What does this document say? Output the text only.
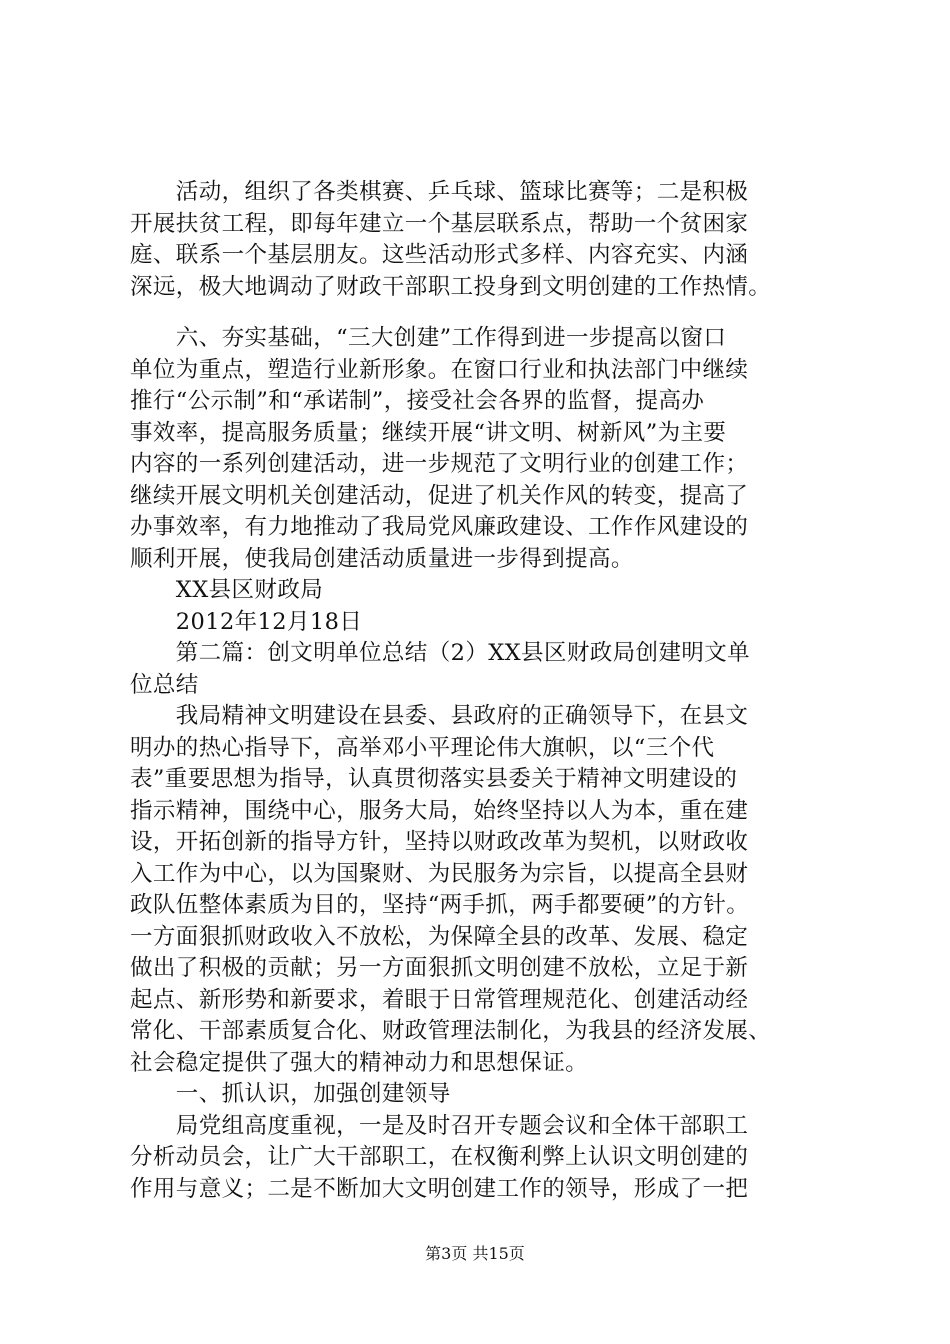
　　活动，组织了各类棋赛、乒乓球、篮球比赛等；二是积极
开展扶贫工程，即每年建立一个基层联系点，帮助一个贫困家
庭、联系一个基层朋友。这些活动形式多样、内容充实、内涵
深远，极大地调动了财政干部职工投身到文明创建的工作热情。
　　六、夯实基础，“三大创建”工作得到进一步提高以窗口
单位为重点，塑造行业新形象。在窗口行业和执法部门中继续
推行“公示制”和“承诺制”，接受社会各界的监督，提高办
事效率，提高服务质量；继续开展“讲文明、树新风”为主要
内容的一系列创建活动，进一步规范了文明行业的创建工作；
继续开展文明机关创建活动，促进了机关作风的转变，提高了
办事效率，有力地推动了我局党风廉政建设、工作作风建设的
顺利开展，使我局创建活动质量进一步得到提高。
　　XX县区财政局
　　2012年12月18日
　　第二篇：创文明单位总结（2）XX县区财政局创建明文单
位总结
　　我局精神文明建设在县委、县政府的正确领导下，在县文
明办的热心指导下，高举邓小平理论伟大旗帜，以“三个代
表”重要思想为指导，认真贯彻落实县委关于精神文明建设的
指示精神，围绕中心，服务大局，始终坚持以人为本，重在建
设，开拓创新的指导方针，坚持以财政改革为契机，以财政收
入工作为中心，以为国聚财、为民服务为宗旨，以提高全县财
政队伍整体素质为目的，坚持“两手抓，两手都要硬”的方针。
一方面狠抓财政收入不放松，为保障全县的改革、发展、稳定
做出了积极的贡献；另一方面狠抓文明创建不放松，立足于新
起点、新形势和新要求，着眼于日常管理规范化、创建活动经
常化、干部素质复合化、财政管理法制化，为我县的经济发展、
社会稳定提供了强大的精神动力和思想保证。
　　一、抓认识，加强创建领导
　　局党组高度重视，一是及时召开专题会议和全体干部职工
分析动员会，让广大干部职工，在权衡利弊上认识文明创建的
作用与意义；二是不断加大文明创建工作的领导，形成了一把
第3页 共15页
